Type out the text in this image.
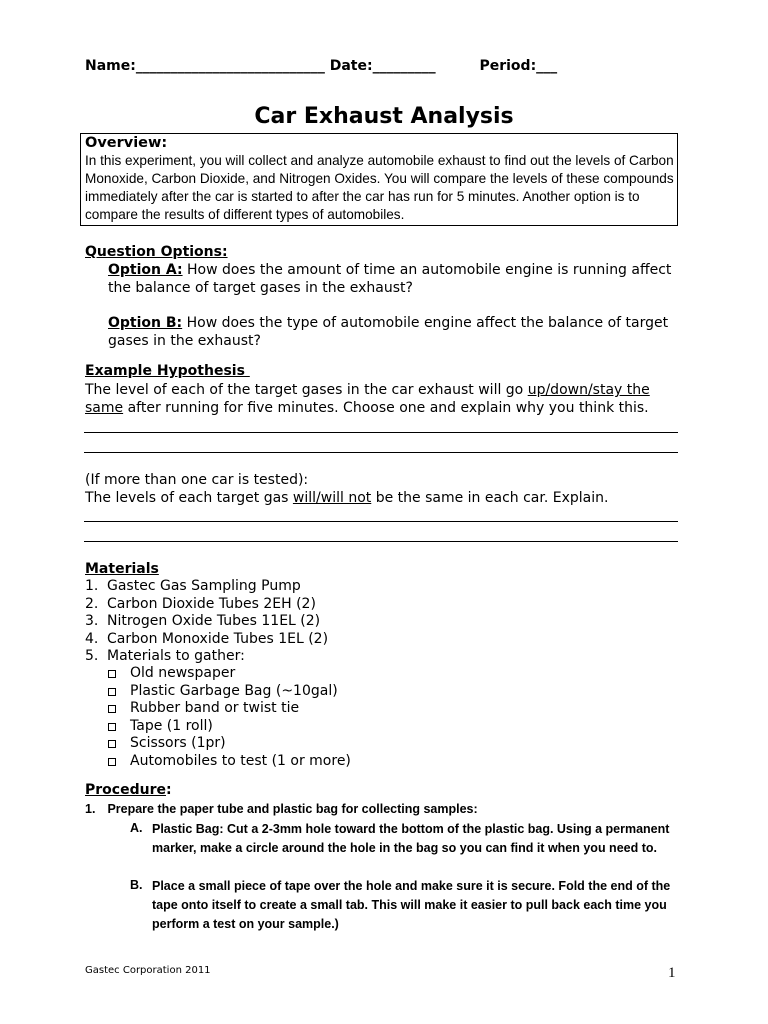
Name:___________________________ Date:_________	Period:___
Car Exhaust Analysis
Overview:
In this experiment, you will collect and analyze automobile exhaust to find out the levels of Carbon Monoxide, Carbon Dioxide, and Nitrogen Oxides. You will compare the levels of these compounds immediately after the car is started to after the car has run for 5 minutes. Another option is to compare the results of different types of automobiles.
Question Options:
Option A: How does the amount of time an automobile engine is running affect the balance of target gases in the exhaust?
Option B: How does the type of automobile engine affect the balance of target gases in the exhaust?
Example Hypothesis
The level of each of the target gases in the car exhaust will go up/down/stay the same after running for five minutes. Choose one and explain why you think this.
(If more than one car is tested):
The levels of each target gas will/will not be the same in each car. Explain.
Materials
1. Gastec Gas Sampling Pump
2. Carbon Dioxide Tubes 2EH (2)
3. Nitrogen Oxide Tubes 11EL (2)
4. Carbon Monoxide Tubes 1EL (2)
5. Materials to gather:
Old newspaper
Plastic Garbage Bag (~10gal)
Rubber band or twist tie
Tape (1 roll)
Scissors (1pr)
Automobiles to test (1 or more)
Procedure:
1. Prepare the paper tube and plastic bag for collecting samples:
A. Plastic Bag: Cut a 2-3mm hole toward the bottom of the plastic bag. Using a permanent marker, make a circle around the hole in the bag so you can find it when you need to.
B. Place a small piece of tape over the hole and make sure it is secure. Fold the end of the tape onto itself to create a small tab. This will make it easier to pull back each time you perform a test on your sample.)
Gastec Corporation 2011	1
